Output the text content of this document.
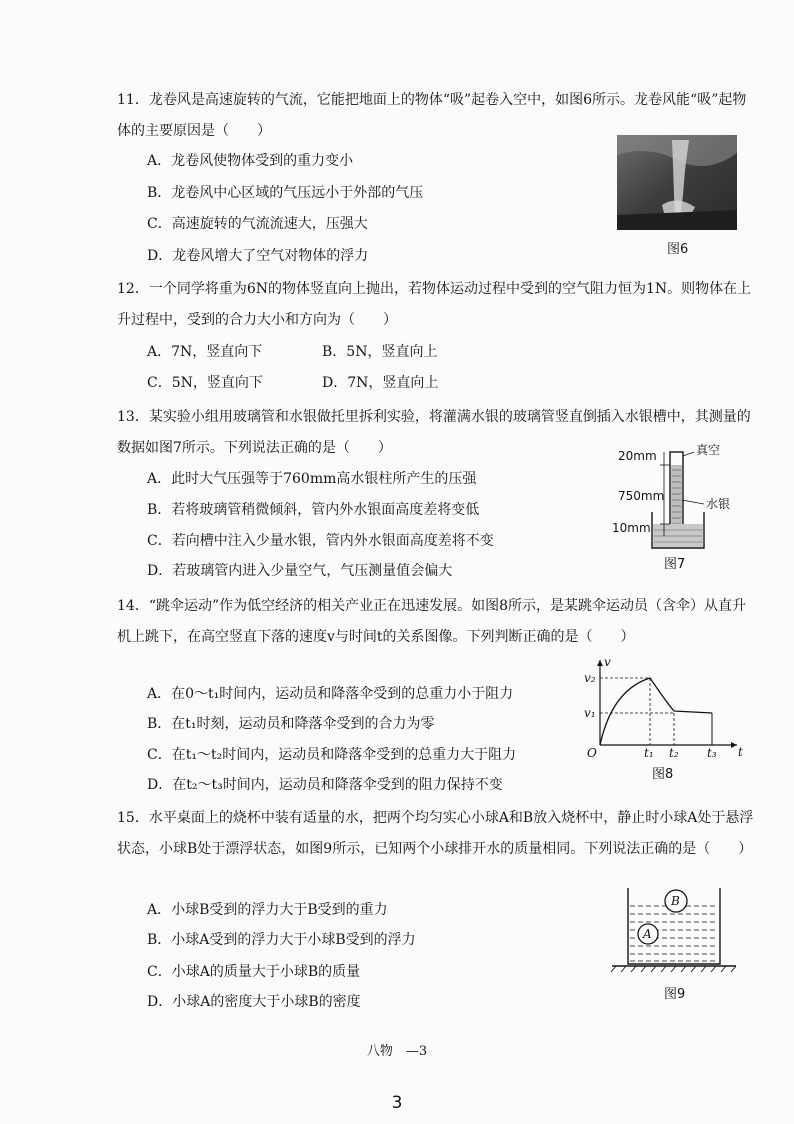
11．龙卷风是高速旋转的气流，它能把地面上的物体“吸”起卷入空中，如图6所示。龙卷风能“吸”起物体的主要原因是（　　）

A．龙卷风使物体受到的重力变小
B．龙卷风中心区域的气压远小于外部的气压
C．高速旋转的气流流速大，压强大
D．龙卷风增大了空气对物体的浮力	图6

12．一个同学将重为6N的物体竖直向上抛出，若物体运动过程中受到的空气阻力恒为1N。则物体在上升过程中，受到的合力大小和方向为（　　）

A．7N，竖直向下	B．5N，竖直向上
C．5N，竖直向下	D．7N，竖直向上

13．某实验小组用玻璃管和水银做托里拆利实验，将灌满水银的玻璃管竖直倒插入水银槽中，其测量的数据如图7所示。下列说法正确的是（　　）

A．此时大气压强等于760mm高水银柱所产生的压强
B．若将玻璃管稍微倾斜，管内外水银面高度差将变低
C．若向槽中注入少量水银，管内外水银面高度差将不变
D．若玻璃管内进入少量空气，气压测量值会偏大
20mm	真空
750mm
水银
10mm
图7

14．“跳伞运动”作为低空经济的相关产业正在迅速发展。如图8所示，是某跳伞运动员（含伞）从直升机上跳下，在高空竖直下落的速度v与时间t的关系图像。下列判断正确的是（　　）

A．在0～t₁时间内，运动员和降落伞受到的总重力小于阻力
B．在t₁时刻，运动员和降落伞受到的合力为零
C．在t₁～t₂时间内，运动员和降落伞受到的总重力大于阻力
D．在t₂～t₃时间内，运动员和降落伞受到的阻力保持不变
v
t
O
v₂
v₁
t₁ t₂ t₃
图8

15．水平桌面上的烧杯中装有适量的水，把两个均匀实心小球A和B放入烧杯中，静止时小球A处于悬浮状态，小球B处于漂浮状态，如图9所示，已知两个小球排开水的质量相同。下列说法正确的是（　　）

A．小球B受到的浮力大于B受到的重力
B．小球A受到的浮力大于小球B受到的浮力
C．小球A的质量大于小球B的质量
D．小球A的密度大于小球B的密度
B
A
图9
八物　—3
3
